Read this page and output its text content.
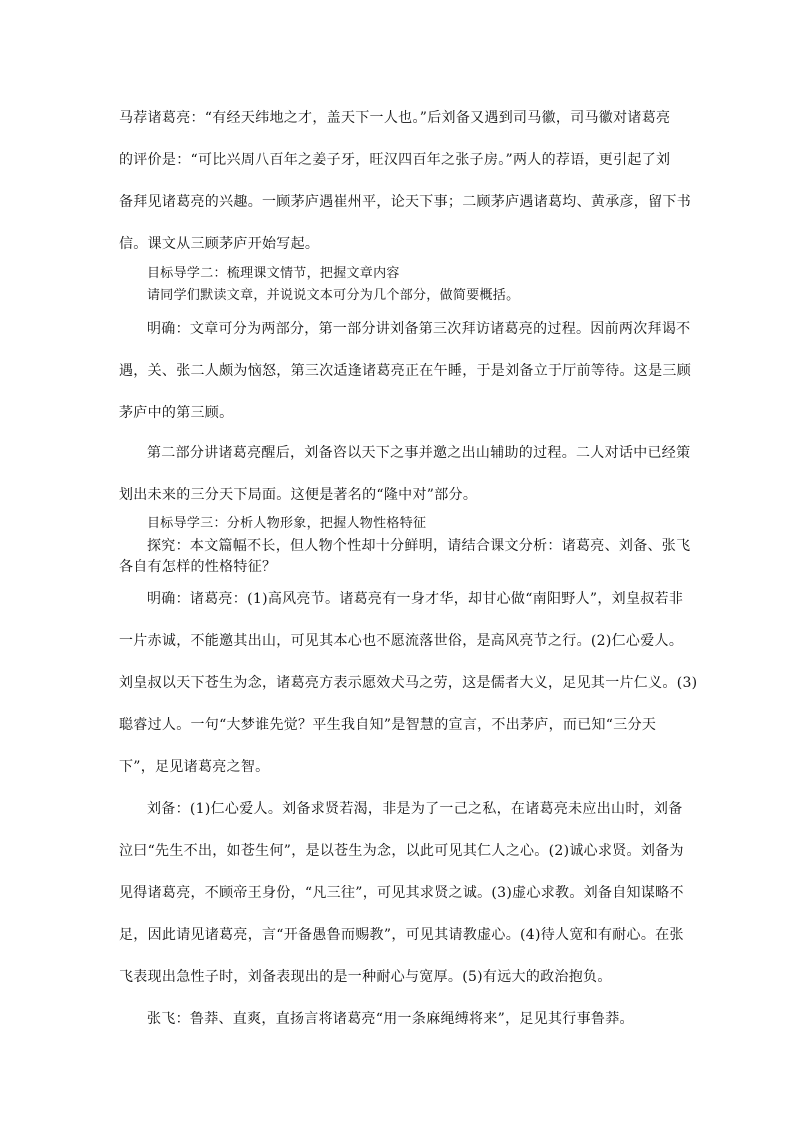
马荐诸葛亮：“有经天纬地之才，盖天下一人也。”后刘备又遇到司马徽，司马徽对诸葛亮
的评价是：“可比兴周八百年之姜子牙，旺汉四百年之张子房。”两人的荐语，更引起了刘
备拜见诸葛亮的兴趣。一顾茅庐遇崔州平，论天下事；二顾茅庐遇诸葛均、黄承彦，留下书
信。课文从三顾茅庐开始写起。
目标导学二：梳理课文情节，把握文章内容
请同学们默读文章，并说说文本可分为几个部分，做简要概括。
明确：文章可分为两部分，第一部分讲刘备第三次拜访诸葛亮的过程。因前两次拜谒不
遇，关、张二人颇为恼怒，第三次适逢诸葛亮正在午睡，于是刘备立于厅前等待。这是三顾
茅庐中的第三顾。
第二部分讲诸葛亮醒后，刘备咨以天下之事并邀之出山辅助的过程。二人对话中已经策
划出未来的三分天下局面。这便是著名的“隆中对”部分。
目标导学三：分析人物形象，把握人物性格特征
探究：本文篇幅不长，但人物个性却十分鲜明，请结合课文分析：诸葛亮、刘备、张飞
各自有怎样的性格特征？
明确：诸葛亮：(1)高风亮节。诸葛亮有一身才华，却甘心做“南阳野人”，刘皇叔若非
一片赤诚，不能邀其出山，可见其本心也不愿流落世俗，是高风亮节之行。(2)仁心爱人。
刘皇叔以天下苍生为念，诸葛亮方表示愿效犬马之劳，这是儒者大义，足见其一片仁义。(3)
聪睿过人。一句“大梦谁先觉？平生我自知”是智慧的宣言，不出茅庐，而已知“三分天
下”，足见诸葛亮之智。
刘备：(1)仁心爱人。刘备求贤若渴，非是为了一己之私，在诸葛亮未应出山时，刘备
泣曰“先生不出，如苍生何”，是以苍生为念，以此可见其仁人之心。(2)诚心求贤。刘备为
见得诸葛亮，不顾帝王身份，“凡三往”，可见其求贤之诚。(3)虚心求教。刘备自知谋略不
足，因此请见诸葛亮，言“开备愚鲁而赐教”，可见其请教虚心。(4)待人宽和有耐心。在张
飞表现出急性子时，刘备表现出的是一种耐心与宽厚。(5)有远大的政治抱负。
张飞：鲁莽、直爽，直扬言将诸葛亮“用一条麻绳缚将来”，足见其行事鲁莽。
